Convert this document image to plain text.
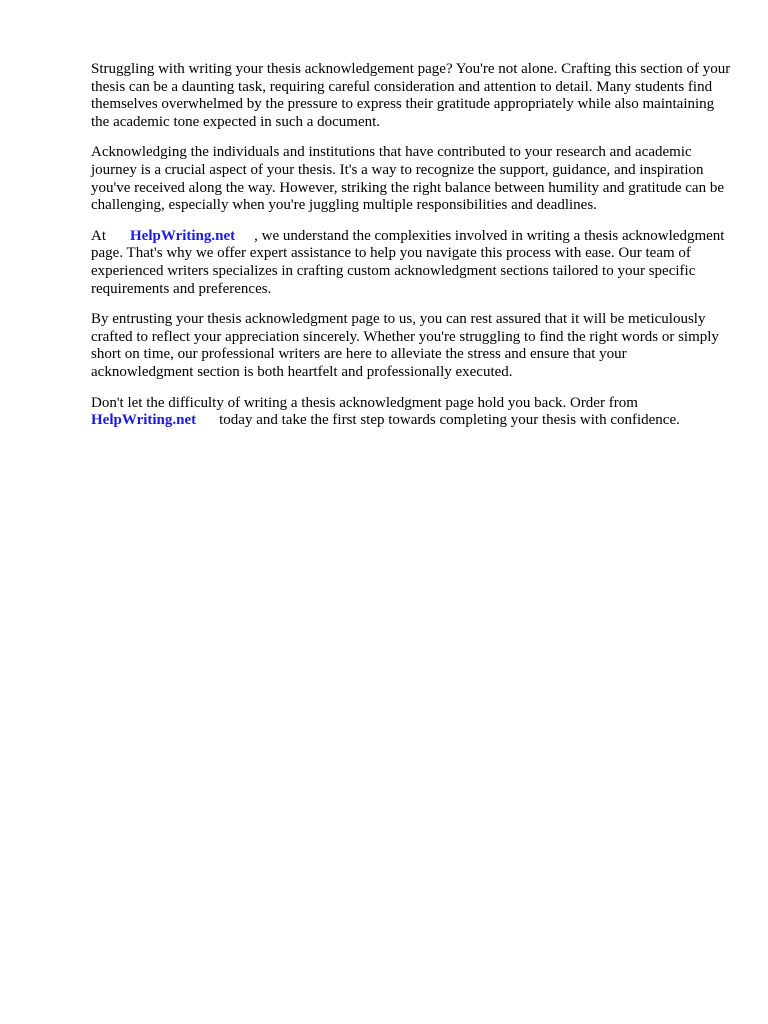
Struggling with writing your thesis acknowledgement page? You're not alone. Crafting this section of your thesis can be a daunting task, requiring careful consideration and attention to detail. Many students find themselves overwhelmed by the pressure to express their gratitude appropriately while also maintaining the academic tone expected in such a document.

Acknowledging the individuals and institutions that have contributed to your research and academic journey is a crucial aspect of your thesis. It's a way to recognize the support, guidance, and inspiration you've received along the way. However, striking the right balance between humility and gratitude can be challenging, especially when you're juggling multiple responsibilities and deadlines.

At HelpWriting.net , we understand the complexities involved in writing a thesis acknowledgment page. That's why we offer expert assistance to help you navigate this process with ease. Our team of experienced writers specializes in crafting custom acknowledgment sections tailored to your specific requirements and preferences.

By entrusting your thesis acknowledgment page to us, you can rest assured that it will be meticulously crafted to reflect your appreciation sincerely. Whether you're struggling to find the right words or simply short on time, our professional writers are here to alleviate the stress and ensure that your acknowledgment section is both heartfelt and professionally executed.

Don't let the difficulty of writing a thesis acknowledgment page hold you back. Order from
HelpWriting.net today and take the first step towards completing your thesis with confidence.
